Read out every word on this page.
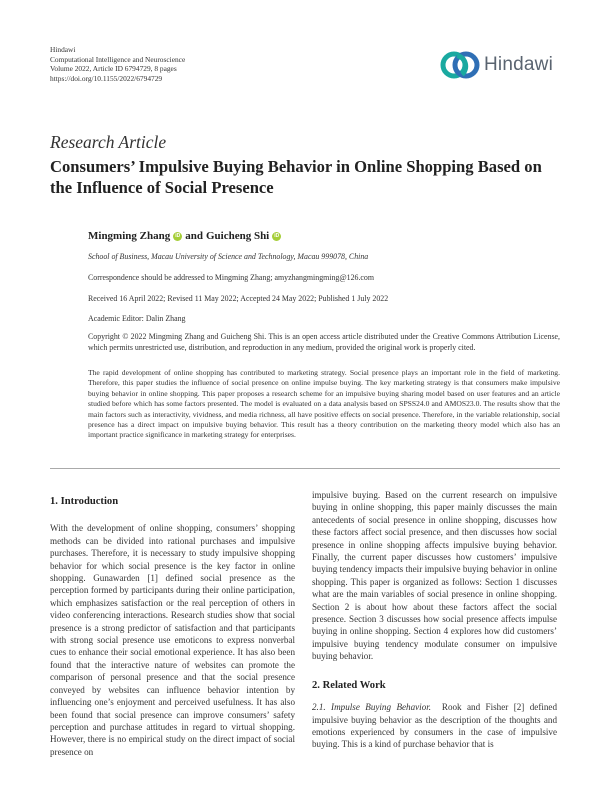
Hindawi
Computational Intelligence and Neuroscience
Volume 2022, Article ID 6794729, 8 pages
https://doi.org/10.1155/2022/6794729
Hindawi
Research Article
Consumers’ Impulsive Buying Behavior in Online Shopping Based on the Influence of Social Presence
Mingming Zhang	iD and Guicheng Shi	iD
School of Business, Macau University of Science and Technology, Macau 999078, China
Correspondence should be addressed to Mingming Zhang; amyzhangmingming@126.com
Received 16 April 2022; Revised 11 May 2022; Accepted 24 May 2022; Published 1 July 2022
Academic Editor: Dalin Zhang
Copyright © 2022 Mingming Zhang and Guicheng Shi. This is an open access article distributed under the Creative Commons Attribution License, which permits unrestricted use, distribution, and reproduction in any medium, provided the original work is properly cited.
The rapid development of online shopping has contributed to marketing strategy. Social presence plays an important role in the field of marketing. Therefore, this paper studies the influence of social presence on online impulse buying. The key marketing strategy is that consumers make impulsive buying behavior in online shopping. This paper proposes a research scheme for an impulsive buying sharing model based on user features and an article studied before which has some factors presented. The model is evaluated on a data analysis based on SPSS24.0 and AMOS23.0. The results show that the main factors such as interactivity, vividness, and media richness, all have positive effects on social presence. Therefore, in the variable relationship, social presence has a direct impact on impulsive buying behavior. This result has a theory contribution on the marketing theory model which also has an important practice significance in marketing strategy for enterprises.
1. Introduction

With the development of online shopping, consumers’ shopping methods can be divided into rational purchases and impulsive purchases. Therefore, it is necessary to study impulsive shopping behavior for which social presence is the key factor in online shopping. Gunawarden [1] defined social presence as the perception formed by participants during their online participation, which emphasizes satisfaction or the real perception of others in video conferencing interactions. Research studies show that social presence is a strong predictor of satisfaction and that participants with strong social presence use emoticons to express nonverbal cues to enhance their social emotional experience. It has also been found that the interactive nature of websites can promote the comparison of personal presence and that the social presence conveyed by websites can influence behavior intention by influencing one’s enjoyment and perceived usefulness. It has also been found that social presence can improve consumers’ safety perception and purchase attitudes in regard to virtual shopping. However, there is no empirical study on the direct impact of social presence on

impulsive buying. Based on the current research on impulsive buying in online shopping, this paper mainly discusses the main antecedents of social presence in online shopping, discusses how these factors affect social presence, and then discusses how social presence in online shopping affects impulsive buying behavior. Finally, the current paper discusses how customers’ impulsive buying tendency impacts their impulsive buying behavior in online shopping. This paper is organized as follows: Section 1 discusses what are the main variables of social presence in online shopping. Section 2 is about how about these factors affect the social presence. Section 3 discusses how social presence affects impulse buying in online shopping. Section 4 explores how did customers’ impulsive buying tendency modulate consumer on impulsive buying behavior.

2. Related Work

2.1. Impulse Buying Behavior. Rook and Fisher [2] defined impulsive buying behavior as the description of the thoughts and emotions experienced by consumers in the case of impulsive buying. This is a kind of purchase behavior that is
